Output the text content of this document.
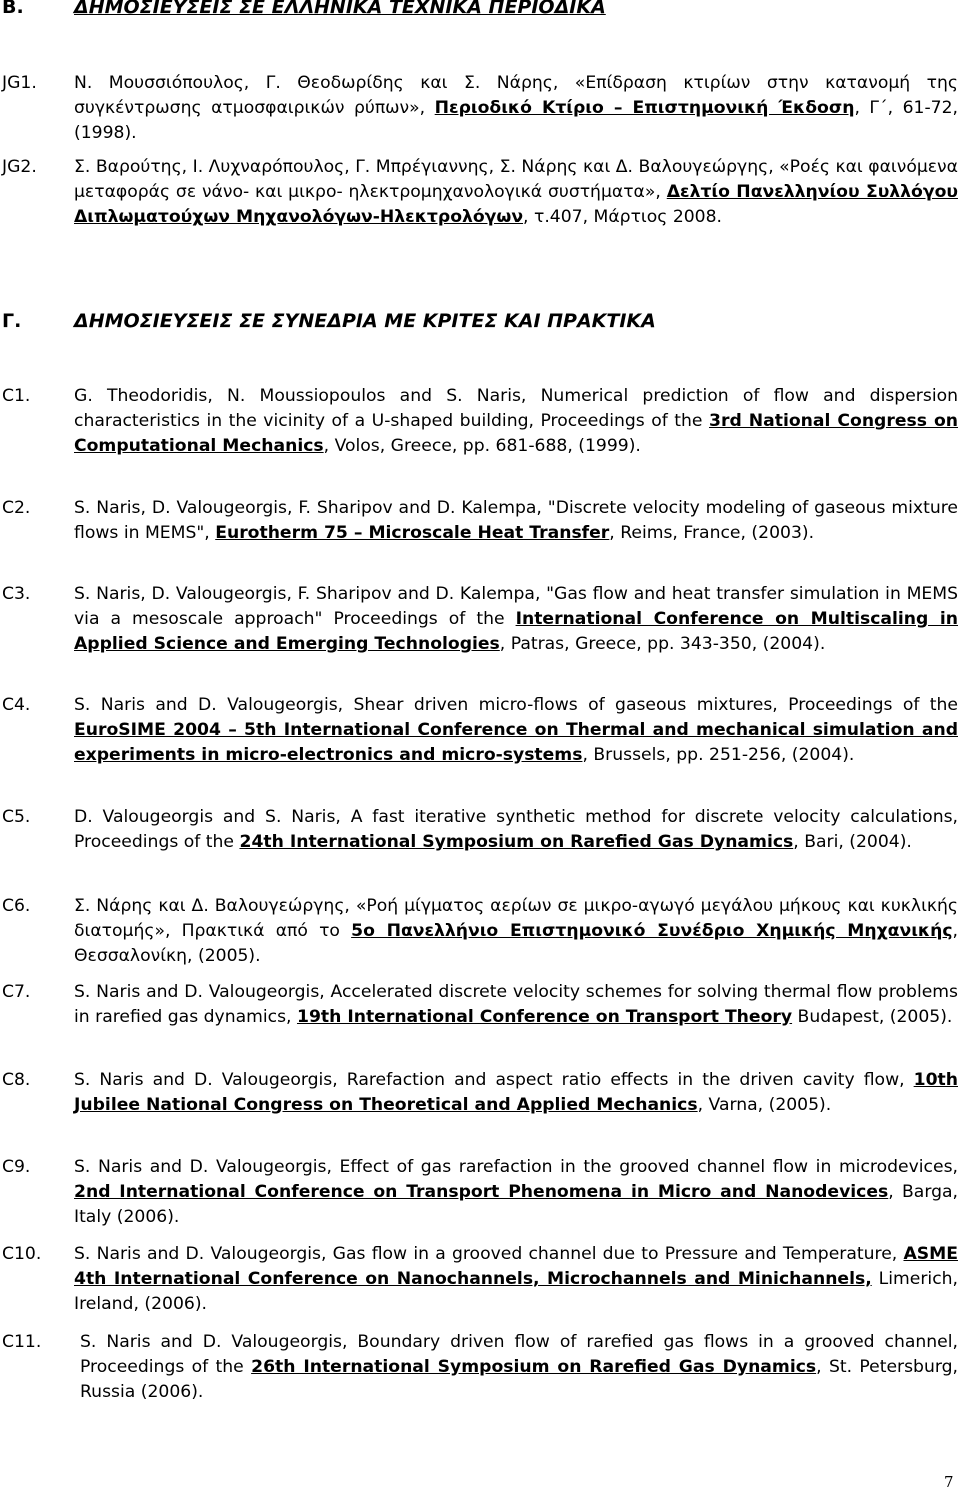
B.	ΔΗΜΟΣΙΕΥΣΕΙΣ ΣΕ ΕΛΛΗΝΙΚΑ ΤΕΧΝΙΚΑ ΠΕΡΙΟΔΙΚΑ
JG1. Ν. Μουσσιόπουλος, Γ. Θεοδωρίδης και Σ. Νάρης, «Επίδραση κτιρίων στην κατανομή της συγκέντρωσης ατμοσφαιρικών ρύπων», Περιοδικό Κτίριο – Επιστημονική Έκδοση, Γ΄, 61-72, (1998).
JG2. Σ. Βαρούτης, Ι. Λυχναρόπουλος, Γ. Μπρέγιαννης, Σ. Νάρης και Δ. Βαλουγεώργης, «Ροές και φαινόμενα μεταφοράς σε νάνο- και μικρο- ηλεκτρομηχανολογικά συστήματα», Δελτίο Πανελληνίου Συλλόγου Διπλωματούχων Μηχανολόγων-Ηλεκτρολόγων, τ.407, Μάρτιος 2008.
Γ.	ΔΗΜΟΣΙΕΥΣΕΙΣ ΣΕ ΣΥΝΕΔΡΙΑ ΜΕ ΚΡΙΤΕΣ ΚΑΙ ΠΡΑΚΤΙΚΑ
C1.	G. Theodoridis, N. Moussiopoulos and S. Naris, Numerical prediction of flow and dispersion characteristics in the vicinity of a U-shaped building, Proceedings of the 3rd National Congress on Computational Mechanics, Volos, Greece, pp. 681-688, (1999).
C2.	S. Naris, D. Valougeorgis, F. Sharipov and D. Kalempa, "Discrete velocity modeling of gaseous mixture flows in MEMS", Eurotherm 75 – Microscale Heat Transfer, Reims, France, (2003).
C3.	S. Naris, D. Valougeorgis, F. Sharipov and D. Kalempa, "Gas flow and heat transfer simulation in MEMS via a mesoscale approach" Proceedings of the International Conference on Multiscaling in Applied Science and Emerging Technologies, Patras, Greece, pp. 343-350, (2004).
C4.	S. Naris and D. Valougeorgis, Shear driven micro-flows of gaseous mixtures, Proceedings of the EuroSIME 2004 – 5th International Conference on Thermal and mechanical simulation and experiments in micro-electronics and micro-systems, Brussels, pp. 251-256, (2004).
C5.	D. Valougeorgis and S. Naris, A fast iterative synthetic method for discrete velocity calculations, Proceedings of the 24th International Symposium on Rarefied Gas Dynamics, Bari, (2004).
C6.	Σ. Νάρης και Δ. Βαλουγεώργης, «Ροή μίγματος αερίων σε μικρο-αγωγό μεγάλου μήκους και κυκλικής διατομής», Πρακτικά από το 5ο Πανελλήνιο Επιστημονικό Συνέδριο Χημικής Μηχανικής, Θεσσαλονίκη, (2005).
C7.	S. Naris and D. Valougeorgis, Accelerated discrete velocity schemes for solving thermal flow problems in rarefied gas dynamics, 19th International Conference on Transport Theory Budapest, (2005).
C8.	S. Naris and D. Valougeorgis, Rarefaction and aspect ratio effects in the driven cavity flow, 10th Jubilee National Congress on Theoretical and Applied Mechanics, Varna, (2005).
C9.	S. Naris and D. Valougeorgis, Effect of gas rarefaction in the grooved channel flow in microdevices, 2nd International Conference on Transport Phenomena in Micro and Nanodevices, Barga, Italy (2006).
C10. S. Naris and D. Valougeorgis, Gas flow in a grooved channel due to Pressure and Temperature, ASME 4th International Conference on Nanochannels, Microchannels and Minichannels, Limerich, Ireland, (2006).
C11. S. Naris and D. Valougeorgis, Boundary driven flow of rarefied gas flows in a grooved channel, Proceedings of the 26th International Symposium on Rarefied Gas Dynamics, St. Petersburg, Russia (2006).
7
